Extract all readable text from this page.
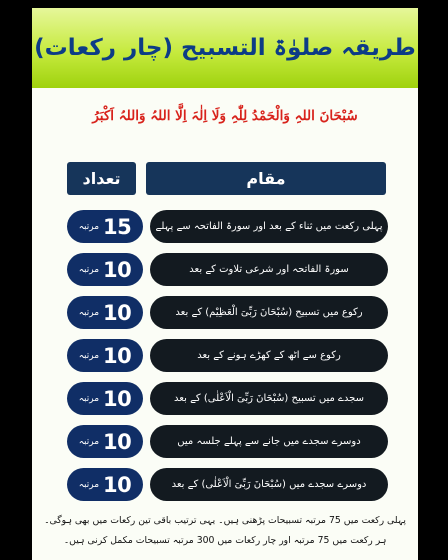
طریقہ صلوٰۃ التسبیح (چار رکعات)
سُبْحَانَ اللہِ وَالْحَمْدُ لِلّٰہِ وَلَا اِلٰہَ اِلَّا اللہُ وَاللہُ اَکْبَرُ
تعداد	مقام
مرتبہ 15	پہلی رکعت میں ثناء کے بعد اور سورۃ الفاتحہ سے پہلے
مرتبہ 10	سورۃ الفاتحہ اور شرعی تلاوت کے بعد
مرتبہ 10	رکوع میں تسبیح (سُبْحَانَ رَبِّیَ الْعَظِیْم) کے بعد
مرتبہ 10	رکوع سے اٹھ کے کھڑے ہونے کے بعد
مرتبہ 10	سجدے میں تسبیح (سُبْحَانَ رَبِّیَ الْاَعْلٰی) کے بعد
مرتبہ 10	دوسرے سجدے میں جانے سے پہلے جلسہ میں
مرتبہ 10	دوسرے سجدے میں (سُبْحَانَ رَبِّیَ الْاَعْلٰی) کے بعد
پہلی رکعت میں 75 مرتبہ تسبیحات پڑھنی ہیں۔ یہی ترتیب باقی تین رکعات میں بھی ہوگی۔
ہر رکعت میں 75 مرتبہ اور چار رکعات میں 300 مرتبہ تسبیحات مکمل کرنی ہیں۔
